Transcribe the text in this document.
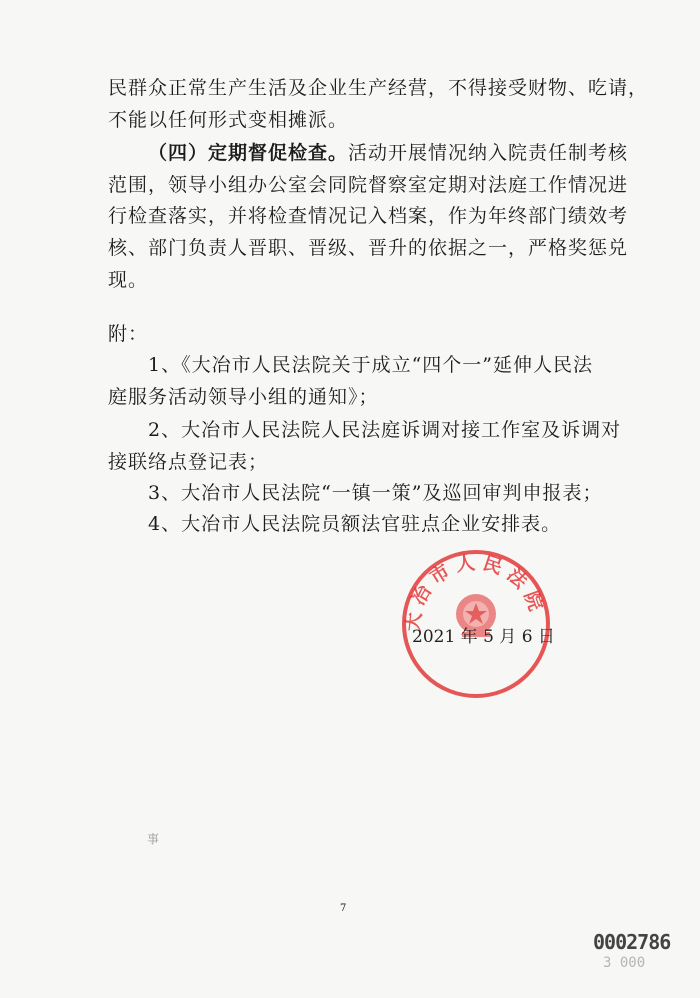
民群众正常生产生活及企业生产经营，不得接受财物、吃请，
不能以任何形式变相摊派。
（四）定期督促检查。活动开展情况纳入院责任制考核
范围，领导小组办公室会同院督察室定期对法庭工作情况进
行检查落实，并将检查情况记入档案，作为年终部门绩效考
核、部门负责人晋职、晋级、晋升的依据之一，严格奖惩兑
现。
附：
1、《大冶市人民法院关于成立“四个一”延伸人民法
庭服务活动领导小组的通知》；
2、大冶市人民法院人民法庭诉调对接工作室及诉调对
接联络点登记表；
3、大冶市人民法院“一镇一策”及巡回审判申报表；
4、大冶市人民法院员额法官驻点企业安排表。
大冶市人民法院
2021 年 5 月 6 日
事
7
0002786
3 000
